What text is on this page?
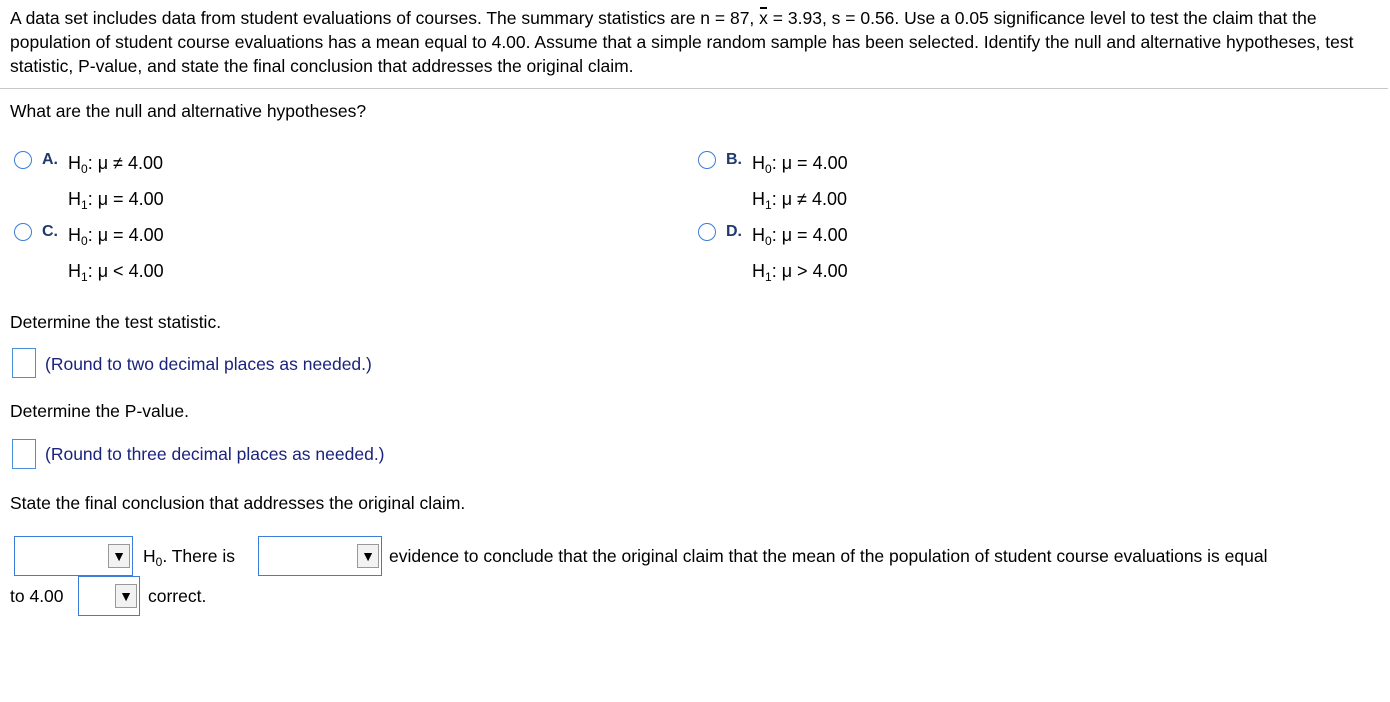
A data set includes data from student evaluations of courses. The summary statistics are n = 87, x = 3.93, s = 0.56. Use a 0.05 significance level to test the claim that the population of student course evaluations has a mean equal to 4.00. Assume that a simple random sample has been selected. Identify the null and alternative hypotheses, test statistic, P-value, and state the final conclusion that addresses the original claim.
What are the null and alternative hypotheses?
A. $H_0$: μ ≠ 4.00
$H_1$: μ = 4.00
B. $H_0$: μ = 4.00
$H_1$: μ ≠ 4.00
C. $H_0$: μ = 4.00
$H_1$: μ < 4.00
D. $H_0$: μ = 4.00
$H_1$: μ > 4.00
Determine the test statistic.
(Round to two decimal places as needed.)
Determine the P-value.
(Round to three decimal places as needed.)
State the final conclusion that addresses the original claim.
▼ $H_0$. There is	▼ evidence to conclude that the original claim that the mean of the population of student course evaluations is equal
to 4.00	▼ correct.
